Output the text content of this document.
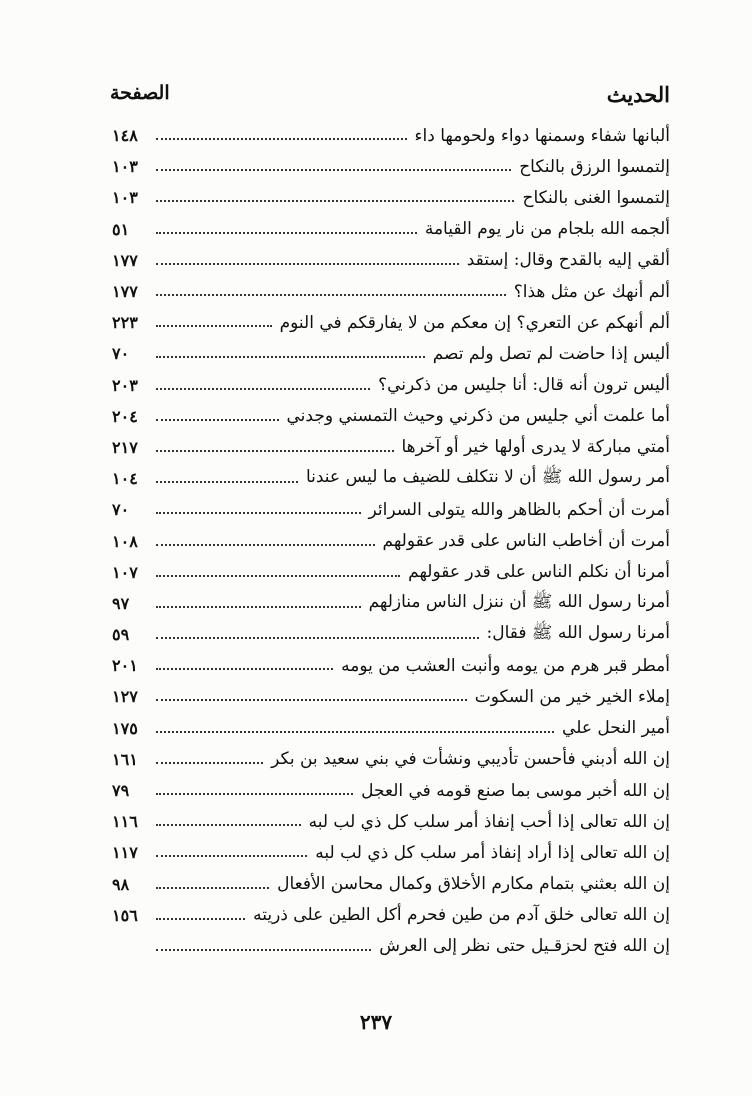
الحديث
الصفحة
ألبانها شفاء وسمنها دواء ولحومها داء
١٤٨
إلتمسوا الرزق بالنكاح
١٠٣
إلتمسوا الغنى بالنكاح
١٠٣
ألجمه الله بلجام من نار يوم القيامة
٥١
ألقي إليه بالقدح وقال: إستقد
١٧٧
ألم أنهك عن مثل هذا؟
١٧٧
ألم أنهكم عن التعري؟ إن معكم من لا يفارقكم في النوم
٢٢٣
أليس إذا حاضت لم تصل ولم تصم
٧٠
أليس ترون أنه قال: أنا جليس من ذكرني؟
٢٠٣
أما علمت أني جليس من ذكرني وحيث التمسني وجدني
٢٠٤
أمتي مباركة لا يدرى أولها خير أو آخرها
٢١٧
أمر رسول الله ﷺ أن لا نتكلف للضيف ما ليس عندنا
١٠٤
أمرت أن أحكم بالظاهر والله يتولى السرائر
٧٠
أمرت أن أخاطب الناس على قدر عقولهم
١٠٨
أمرنا أن نكلم الناس على قدر عقولهم
١٠٧
أمرنا رسول الله ﷺ أن ننزل الناس منازلهم
٩٧
أمرنا رسول الله ﷺ فقال:
٥٩
أمطر قبر هرم من يومه وأنبت العشب من يومه
٢٠١
إملاء الخير خير من السكوت
١٢٧
أمير النحل علي
١٧٥
إن الله أدبني فأحسن تأديبي ونشأت في بني سعيد بن بكر
١٦١
إن الله أخبر موسى بما صنع قومه في العجل
٧٩
إن الله تعالى إذا أحب إنفاذ أمر سلب كل ذي لب لبه
١١٦
إن الله تعالى إذا أراد إنفاذ أمر سلب كل ذي لب لبه
١١٧
إن الله بعثني بتمام مكارم الأخلاق وكمال محاسن الأفعال
٩٨
إن الله تعالى خلق آدم من طين فحرم أكل الطين على ذريته
١٥٦
إن الله فتح لحزقـيل حتى نظر إلى العرش
٢٣٧
